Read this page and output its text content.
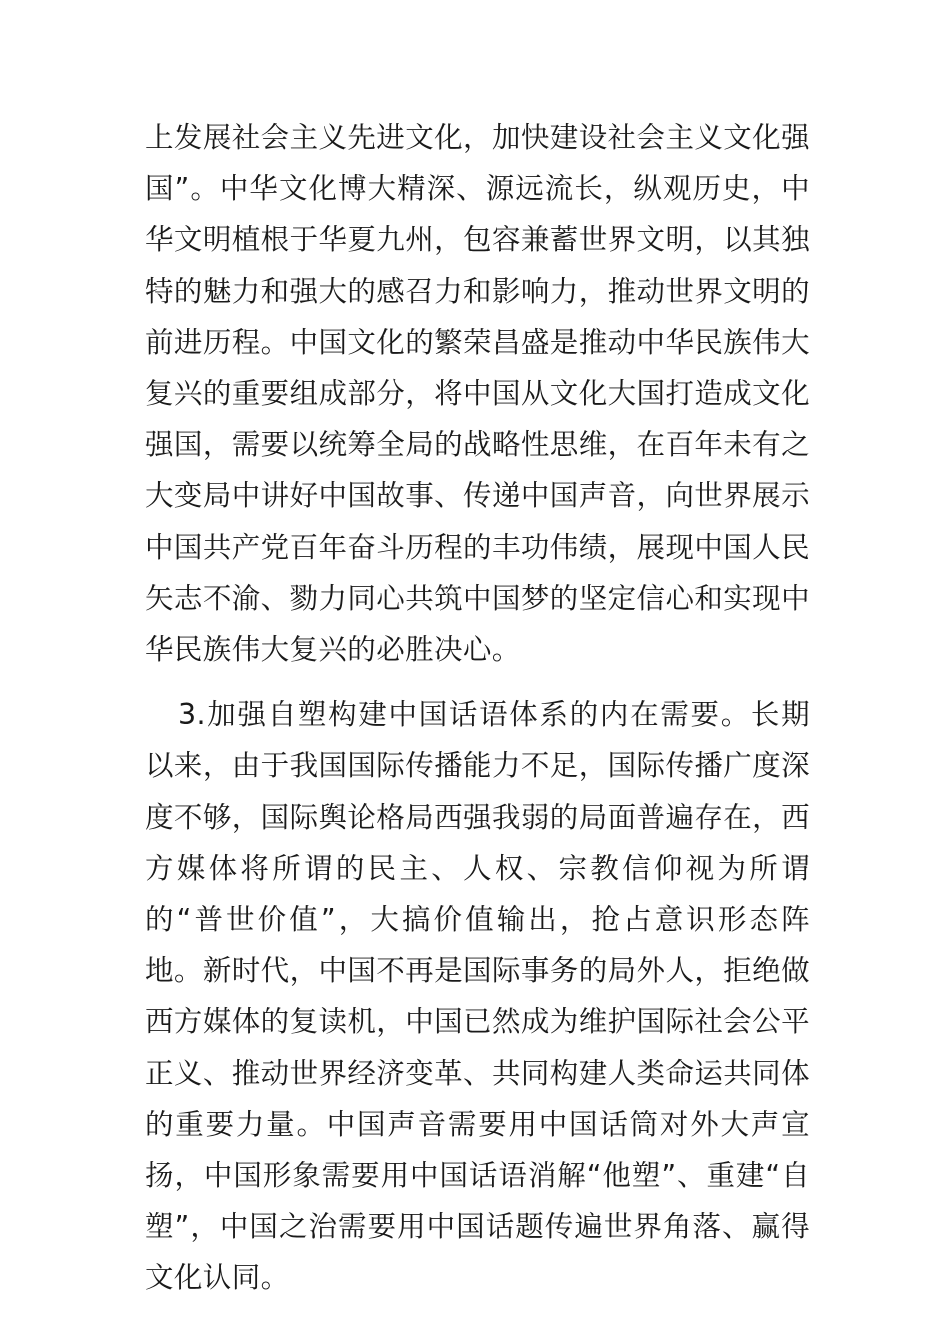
上发展社会主义先进文化，加快建设社会主义文化强国”。中华文化博大精深、源远流长，纵观历史，中华文明植根于华夏九州，包容兼蓄世界文明，以其独特的魅力和强大的感召力和影响力，推动世界文明的前进历程。中国文化的繁荣昌盛是推动中华民族伟大复兴的重要组成部分，将中国从文化大国打造成文化强国，需要以统筹全局的战略性思维，在百年未有之大变局中讲好中国故事、传递中国声音，向世界展示中国共产党百年奋斗历程的丰功伟绩，展现中国人民矢志不渝、勠力同心共筑中国梦的坚定信心和实现中华民族伟大复兴的必胜决心。

3.加强自塑构建中国话语体系的内在需要。长期以来，由于我国国际传播能力不足，国际传播广度深度不够，国际舆论格局西强我弱的局面普遍存在，西方媒体将所谓的民主、人权、宗教信仰视为所谓的“普世价值”，大搞价值输出，抢占意识形态阵地。新时代，中国不再是国际事务的局外人，拒绝做西方媒体的复读机，中国已然成为维护国际社会公平正义、推动世界经济变革、共同构建人类命运共同体的重要力量。中国声音需要用中国话筒对外大声宣扬，中国形象需要用中国话语消解“他塑”、重建“自塑”，中国之治需要用中国话题传遍世界角落、赢得文化认同。
